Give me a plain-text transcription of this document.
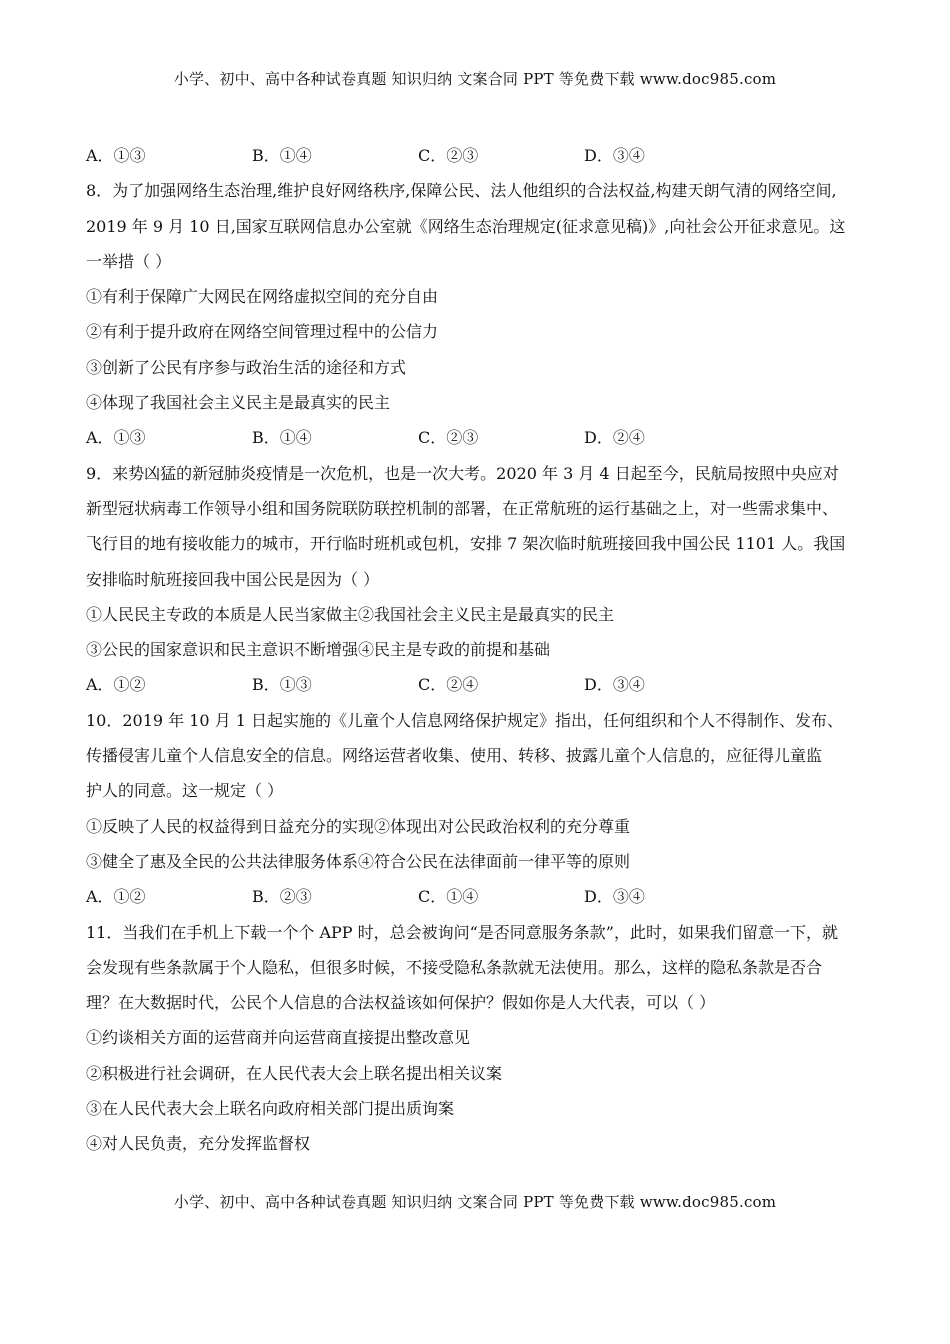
小学、初中、高中各种试卷真题 知识归纳 文案合同 PPT 等免费下载 www.doc985.com
A．①③	B．①④	C．②③	D．③④
8．为了加强网络生态治理,维护良好网络秩序,保障公民、法人他组织的合法权益,构建天朗气清的网络空间,
2019 年 9 月 10 日,国家互联网信息办公室就《网络生态治理规定(征求意见稿)》,向社会公开征求意见。这
一举措（ ）
①有利于保障广大网民在网络虚拟空间的充分自由
②有利于提升政府在网络空间管理过程中的公信力
③创新了公民有序参与政治生活的途径和方式
④体现了我国社会主义民主是最真实的民主
A．①③	B．①④	C．②③	D．②④
9．来势凶猛的新冠肺炎疫情是一次危机，也是一次大考。2020 年 3 月 4 日起至今，民航局按照中央应对
新型冠状病毒工作领导小组和国务院联防联控机制的部署，在正常航班的运行基础之上，对一些需求集中、
飞行目的地有接收能力的城市，开行临时班机或包机，安排 7 架次临时航班接回我中国公民 1101 人。我国
安排临时航班接回我中国公民是因为（ ）
①人民民主专政的本质是人民当家做主②我国社会主义民主是最真实的民主
③公民的国家意识和民主意识不断增强④民主是专政的前提和基础
A．①②	B．①③	C．②④	D．③④
10．2019 年 10 月 1 日起实施的《儿童个人信息网络保护规定》指出，任何组织和个人不得制作、发布、
传播侵害儿童个人信息安全的信息。网络运营者收集、使用、转移、披露儿童个人信息的，应征得儿童监
护人的同意。这一规定（ ）
①反映了人民的权益得到日益充分的实现②体现出对公民政治权利的充分尊重
③健全了惠及全民的公共法律服务体系④符合公民在法律面前一律平等的原则
A．①②	B．②③	C．①④	D．③④
11．当我们在手机上下载一个个 APP 时，总会被询问“是否同意服务条款”，此时，如果我们留意一下，就
会发现有些条款属于个人隐私，但很多时候，不接受隐私条款就无法使用。那么，这样的隐私条款是否合
理？在大数据时代，公民个人信息的合法权益该如何保护？假如你是人大代表，可以（ ）
①约谈相关方面的运营商并向运营商直接提出整改意见
②积极进行社会调研，在人民代表大会上联名提出相关议案
③在人民代表大会上联名向政府相关部门提出质询案
④对人民负责，充分发挥监督权
小学、初中、高中各种试卷真题 知识归纳 文案合同 PPT 等免费下载 www.doc985.com
